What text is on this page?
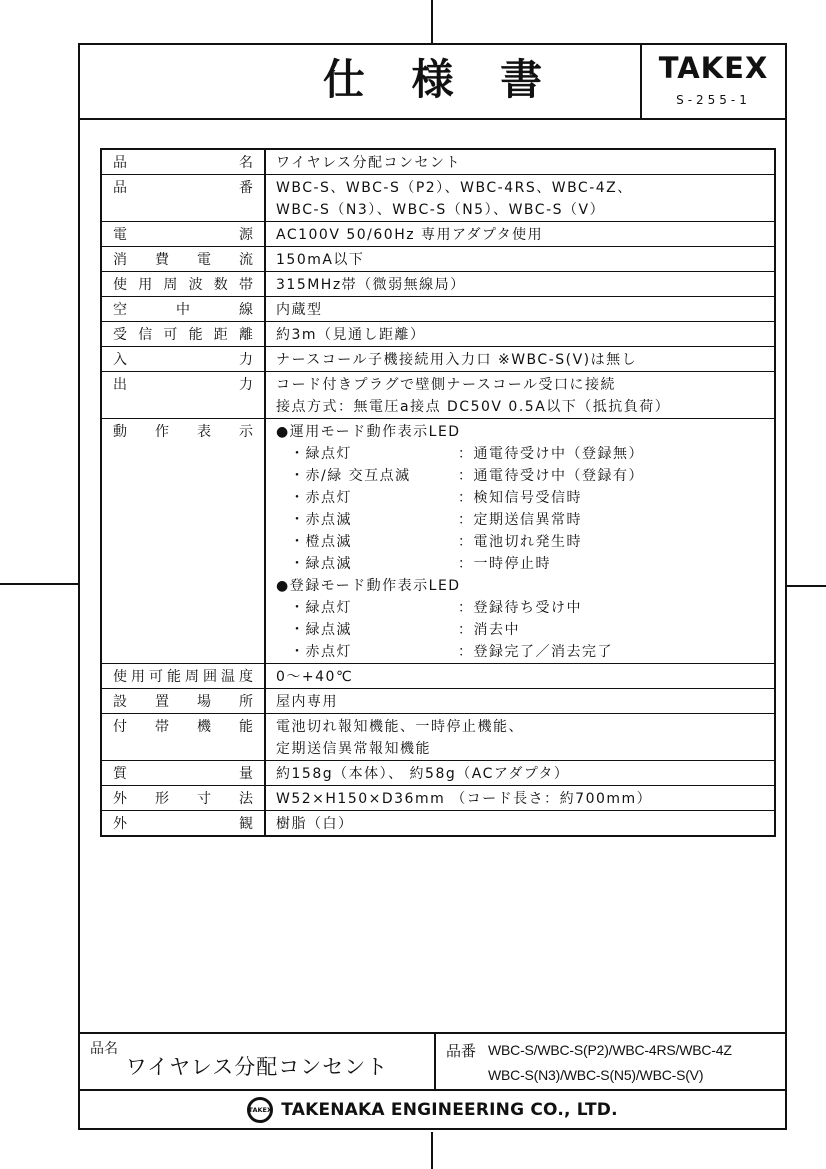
仕 様 書	TAKEX
S-255-1
品	名 ワイヤレス分配コンセント
品	番 WBC-S、WBC-S（P2）、WBC-4RS、WBC-4Z、
WBC-S（N3）、WBC-S（N5）、WBC-S（V）
電	源 AC100V 50/60Hz 専用アダプタ使用
消 費 電 流 150mA以下
使 用 周 波 数 帯 315MHz帯（微弱無線局）
空	中	線 内蔵型
受 信 可 能 距 離 約3m（見通し距離）
入	力 ナースコール子機接続用入力口 ※WBC-S(V)は無し
出	力 コード付きプラグで壁側ナースコール受口に接続
接点方式：無電圧a接点 DC50V 0.5A以下（抵抗負荷）
動 作 表 示 ●運用モード動作表示LED
・緑点灯	：通電待受け中（登録無）
・赤/緑 交互点滅	：通電待受け中（登録有）
・赤点灯	：検知信号受信時
・赤点滅	：定期送信異常時
・橙点滅	：電池切れ発生時
・緑点滅	：一時停止時
●登録モード動作表示LED
・緑点灯	：登録待ち受け中
・緑点滅	：消去中
・赤点灯	：登録完了／消去完了
使 用 可 能 周 囲 温 度 0～+40℃
設 置 場 所 屋内専用
付 帯 機 能 電池切れ報知機能、一時停止機能、
定期送信異常報知機能
質	量 約158g（本体）、 約58g（ACアダプタ）
外 形 寸 法 W52×H150×D36mm （コード長さ：約700mm）
外	観 樹脂（白）
品名
ワイヤレス分配コンセント
品番 WBC-S/WBC-S(P2)/WBC-4RS/WBC-4Z
WBC-S(N3)/WBC-S(N5)/WBC-S(V)
TAKEX TAKENAKA ENGINEERING CO., LTD.
